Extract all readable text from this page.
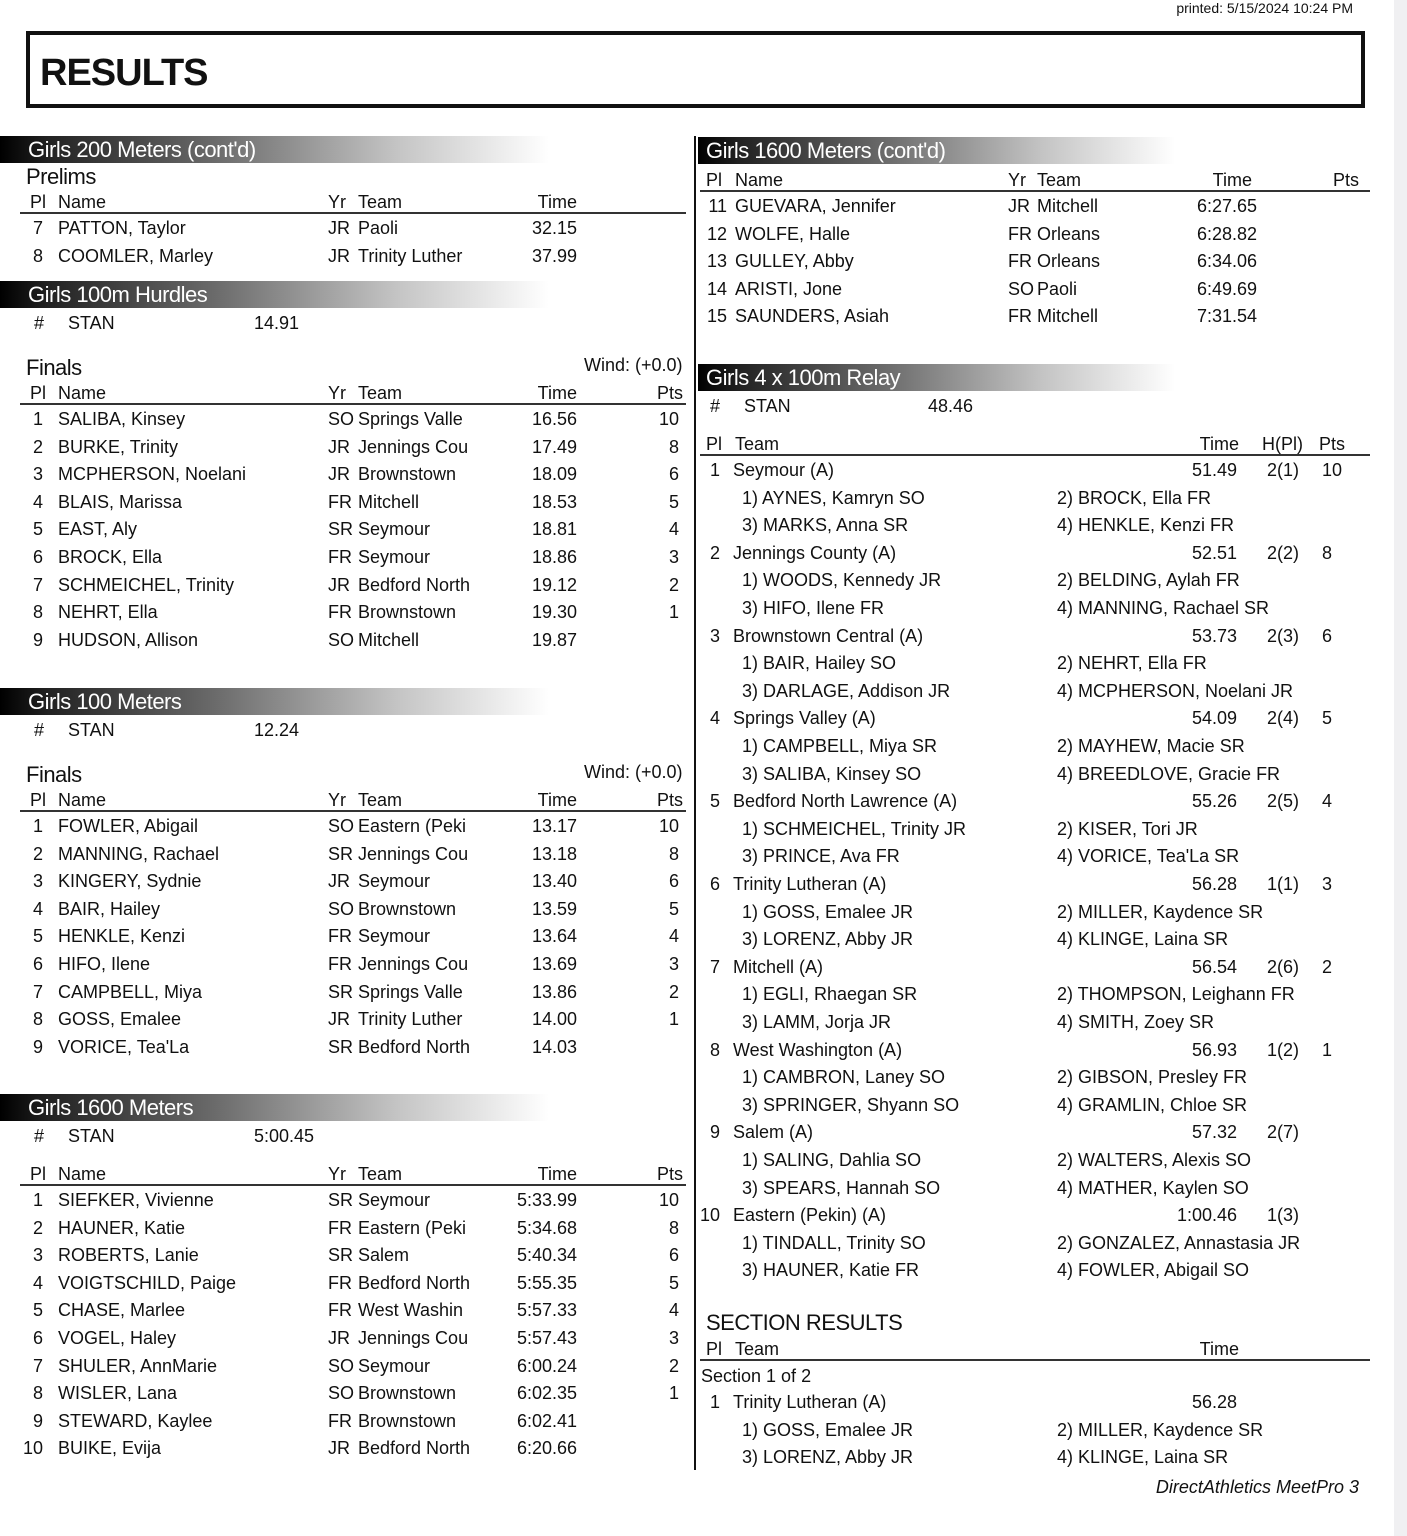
printed: 5/15/2024 10:24 PM
RESULTS
Girls 200 Meters (cont'd)
Prelims
Pl Name	Yr Team	Time
7 PATTON, Taylor	JR Paoli	32.15
8 COOMLER, Marley	JR Trinity Luther	37.99
Girls 100m Hurdles
# STAN	14.91
Finals	Wind: (+0.0)
Pl Name	Yr Team	Time	Pts
1 SALIBA, Kinsey	SO Springs Valle	16.56	10
2 BURKE, Trinity	JR Jennings Cou	17.49	8
3 MCPHERSON, Noelani	JR Brownstown	18.09	6
4 BLAIS, Marissa	FR Mitchell	18.53	5
5 EAST, Aly	SR Seymour	18.81	4
6 BROCK, Ella	FR Seymour	18.86	3
7 SCHMEICHEL, Trinity	JR Bedford North	19.12	2
8 NEHRT, Ella	FR Brownstown	19.30	1
9 HUDSON, Allison	SO Mitchell	19.87
Girls 100 Meters
# STAN	12.24
Finals	Wind: (+0.0)
Pl Name	Yr Team	Time	Pts
1 FOWLER, Abigail	SO Eastern (Peki	13.17	10
2 MANNING, Rachael	SR Jennings Cou	13.18	8
3 KINGERY, Sydnie	JR Seymour	13.40	6
4 BAIR, Hailey	SO Brownstown	13.59	5
5 HENKLE, Kenzi	FR Seymour	13.64	4
6 HIFO, Ilene	FR Jennings Cou	13.69	3
7 CAMPBELL, Miya	SR Springs Valle	13.86	2
8 GOSS, Emalee	JR Trinity Luther	14.00	1
9 VORICE, Tea'La	SR Bedford North	14.03
Girls 1600 Meters
# STAN	5:00.45
Pl Name	Yr Team	Time	Pts
1 SIEFKER, Vivienne	SR Seymour	5:33.99	10
2 HAUNER, Katie	FR Eastern (Peki	5:34.68	8
3 ROBERTS, Lanie	SR Salem	5:40.34	6
4 VOIGTSCHILD, Paige	FR Bedford North	5:55.35	5
5 CHASE, Marlee	FR West Washin	5:57.33	4
6 VOGEL, Haley	JR Jennings Cou	5:57.43	3
7 SHULER, AnnMarie	SO Seymour	6:00.24	2
8 WISLER, Lana	SO Brownstown	6:02.35	1
9 STEWARD, Kaylee	FR Brownstown	6:02.41
10 BUIKE, Evija	JR Bedford North	6:20.66
Girls 1600 Meters (cont'd)
Pl Name	Yr Team	Time	Pts
11 GUEVARA, Jennifer	JR Mitchell	6:27.65
12 WOLFE, Halle	FR Orleans	6:28.82
13 GULLEY, Abby	FR Orleans	6:34.06
14 ARISTI, Jone	SO Paoli	6:49.69
15 SAUNDERS, Asiah	FR Mitchell	7:31.54
Girls 4 x 100m Relay
# STAN	48.46
Pl Team	Time H(Pl) Pts
1 Seymour (A)	51.49 2(1) 10
1) AYNES, Kamryn SO	2) BROCK, Ella FR
3) MARKS, Anna SR	4) HENKLE, Kenzi FR
2 Jennings County (A)	52.51 2(2) 8
1) WOODS, Kennedy JR	2) BELDING, Aylah FR
3) HIFO, Ilene FR	4) MANNING, Rachael SR
3 Brownstown Central (A)	53.73 2(3) 6
1) BAIR, Hailey SO	2) NEHRT, Ella FR
3) DARLAGE, Addison JR	4) MCPHERSON, Noelani JR
4 Springs Valley (A)	54.09 2(4) 5
1) CAMPBELL, Miya SR	2) MAYHEW, Macie SR
3) SALIBA, Kinsey SO	4) BREEDLOVE, Gracie FR
5 Bedford North Lawrence (A)	55.26 2(5) 4
1) SCHMEICHEL, Trinity JR	2) KISER, Tori JR
3) PRINCE, Ava FR	4) VORICE, Tea'La SR
6 Trinity Lutheran (A)	56.28 1(1) 3
1) GOSS, Emalee JR	2) MILLER, Kaydence SR
3) LORENZ, Abby JR	4) KLINGE, Laina SR
7 Mitchell (A)	56.54 2(6) 2
1) EGLI, Rhaegan SR	2) THOMPSON, Leighann FR
3) LAMM, Jorja JR	4) SMITH, Zoey SR
8 West Washington (A)	56.93 1(2) 1
1) CAMBRON, Laney SO	2) GIBSON, Presley FR
3) SPRINGER, Shyann SO	4) GRAMLIN, Chloe SR
9 Salem (A)	57.32 2(7)
1) SALING, Dahlia SO	2) WALTERS, Alexis SO
3) SPEARS, Hannah SO	4) MATHER, Kaylen SO
10 Eastern (Pekin) (A)	1:00.46 1(3)
1) TINDALL, Trinity SO	2) GONZALEZ, Annastasia JR
3) HAUNER, Katie FR	4) FOWLER, Abigail SO
SECTION RESULTS
Pl Team	Time
Section 1 of 2
1 Trinity Lutheran (A)	56.28
1) GOSS, Emalee JR	2) MILLER, Kaydence SR
3) LORENZ, Abby JR	4) KLINGE, Laina SR
DirectAthletics MeetPro 3
